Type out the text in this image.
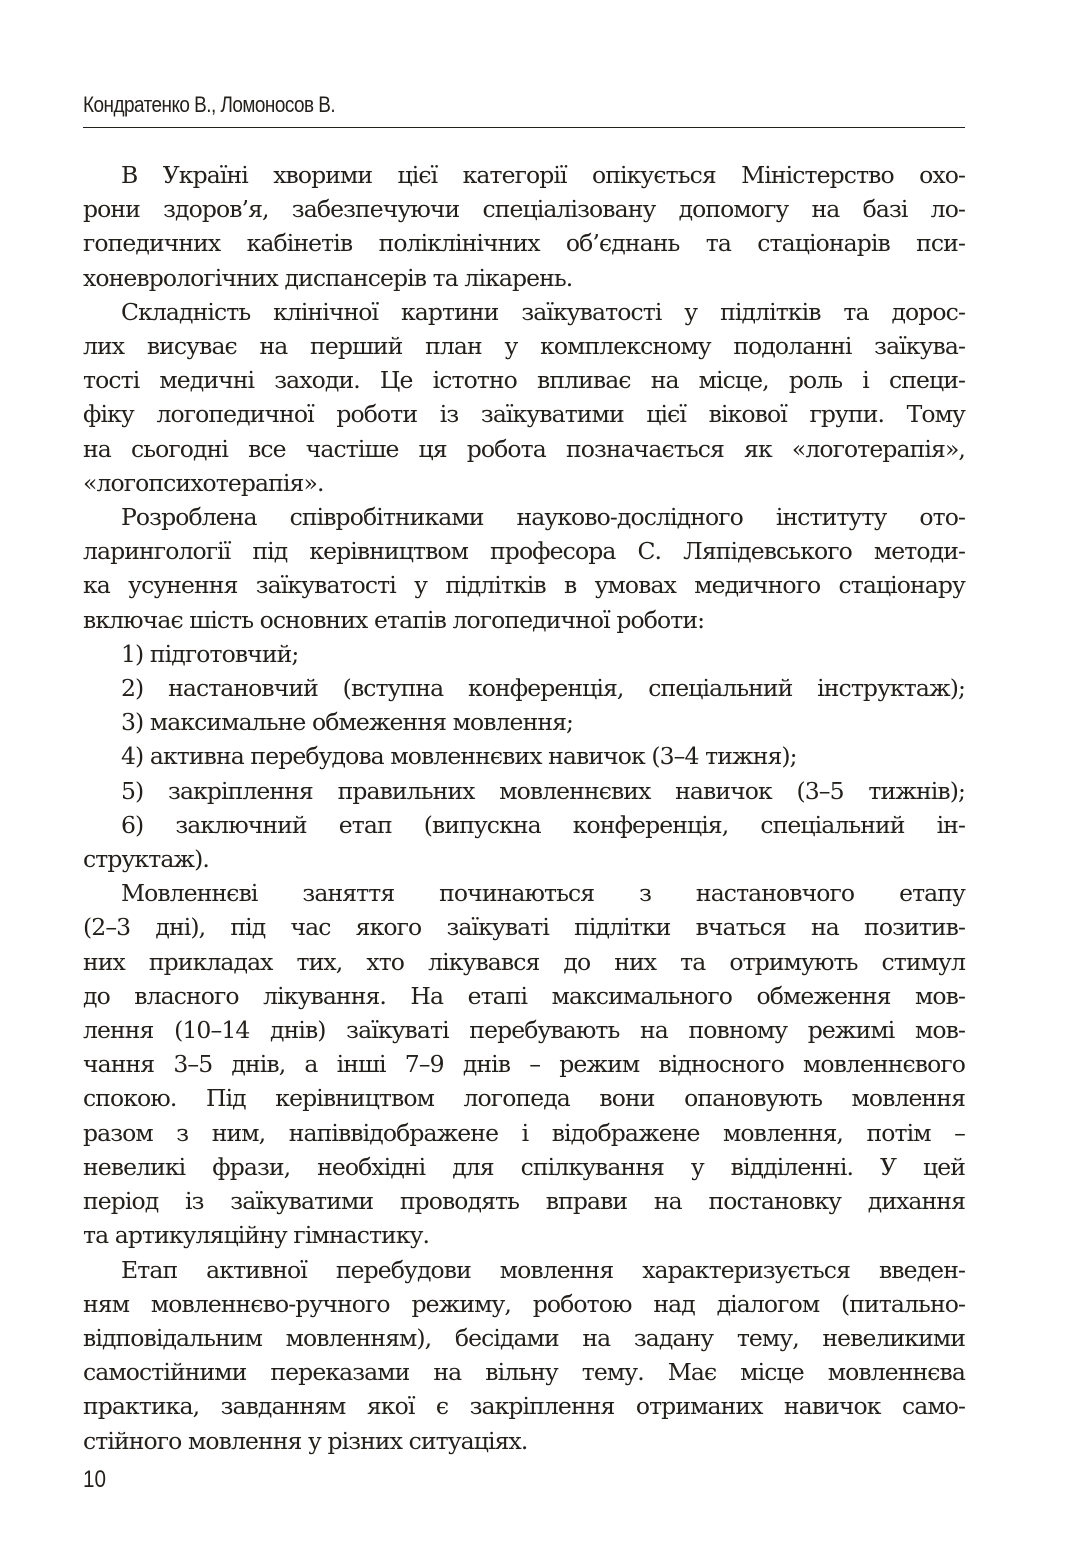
Кондратенко В., Ломоносов В.
В Україні хворими цієї категорії опікується Міністерство охо-
рони здоров’я, забезпечуючи спеціалізовану допомогу на базі ло-
гопедичних кабінетів поліклінічних об’єднань та стаціонарів пси-
хоневрологічних диспансерів та лікарень.
Складність клінічної картини заїкуватості у підлітків та дорос-
лих висуває на перший план у комплексному подоланні заїкува-
тості медичні заходи. Це істотно впливає на місце, роль і специ-
фіку логопедичної роботи із заїкуватими цієї вікової групи. Тому
на сьогодні все частіше ця робота позначається як «логотерапія»,
«логопсихотерапія».
Розроблена співробітниками науково-дослідного інституту ото-
ларингології під керівництвом професора С. Ляпідевського методи-
ка усунення заїкуватості у підлітків в умовах медичного стаціонару
включає шість основних етапів логопедичної роботи:
1) підготовчий;
2) настановчий (вступна конференція, спеціальний інструктаж);
3) максимальне обмеження мовлення;
4) активна перебудова мовленнєвих навичок (3–4 тижня);
5) закріплення правильних мовленнєвих навичок (3–5 тижнів);
6) заключний етап (випускна конференція, спеціальний ін-
структаж).
Мовленнєві заняття починаються з настановчого етапу
(2–3 дні), під час якого заїкуваті підлітки вчаться на позитив-
них прикладах тих, хто лікувався до них та отримують стимул
до власного лікування. На етапі максимального обмеження мов-
лення (10–14 днів) заїкуваті перебувають на повному режимі мов-
чання 3–5 днів, а інші 7–9 днів – режим відносного мовленнєвого
спокою. Під керівництвом логопеда вони опановують мовлення
разом з ним, напіввідображене і відображене мовлення, потім –
невеликі фрази, необхідні для спілкування у відділенні. У цей
період із заїкуватими проводять вправи на постановку дихання
та артикуляційну гімнастику.
Етап активної перебудови мовлення характеризується введен-
ням мовленнєво-ручного режиму, роботою над діалогом (питально-
відповідальним мовленням), бесідами на задану тему, невеликими
самостійними переказами на вільну тему. Має місце мовленнєва
практика, завданням якої є закріплення отриманих навичок само-
стійного мовлення у різних ситуаціях.
10
